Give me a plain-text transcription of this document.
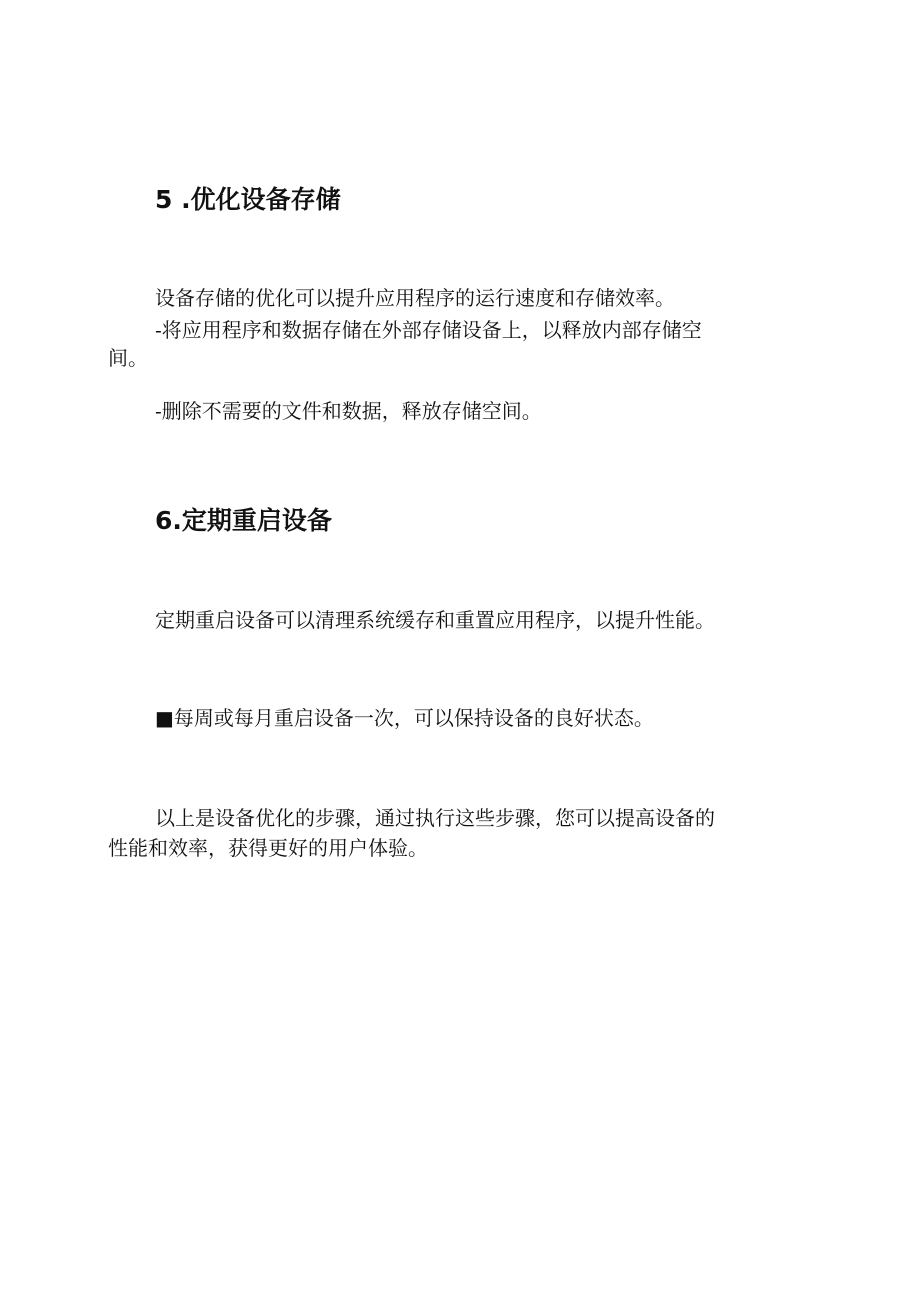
5 .优化设备存储

设备存储的优化可以提升应用程序的运行速度和存储效率。

-将应用程序和数据存储在外部存储设备上，以释放内部存储空

间。

-删除不需要的文件和数据，释放存储空间。

6.定期重启设备

定期重启设备可以清理系统缓存和重置应用程序，以提升性能。

■每周或每月重启设备一次，可以保持设备的良好状态。

以上是设备优化的步骤，通过执行这些步骤，您可以提高设备的

性能和效率，获得更好的用户体验。
